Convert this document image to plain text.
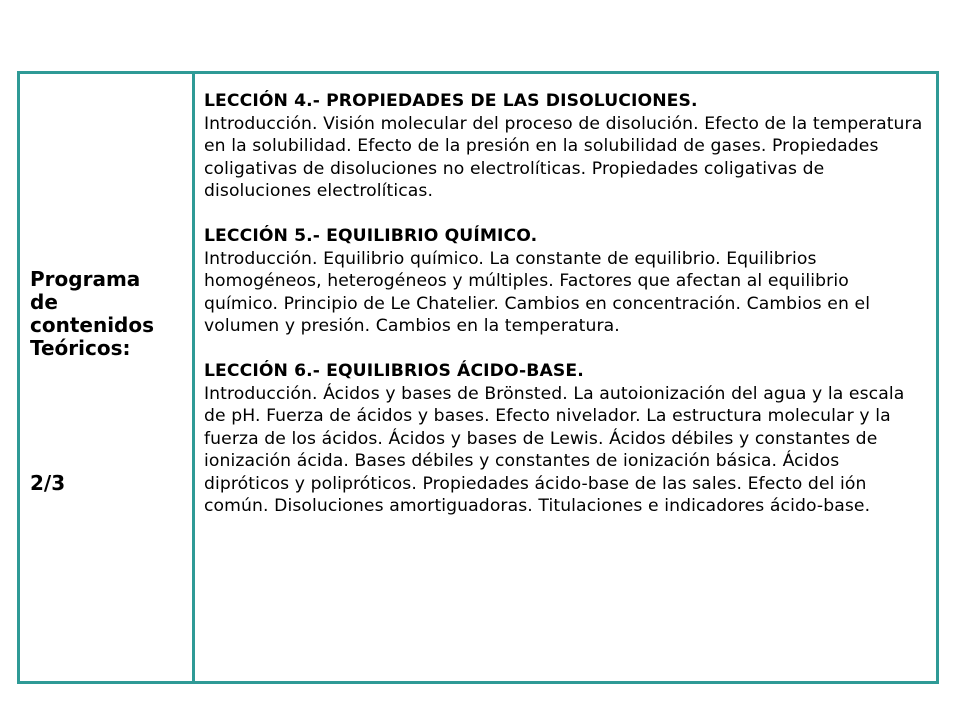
Programa
de
contenidos
Teóricos:
2/3
LECCIÓN 4.- PROPIEDADES DE LAS DISOLUCIONES.
Introducción. Visión molecular del proceso de disolución. Efecto de la temperatura en la solubilidad. Efecto de la presión en la solubilidad de gases. Propiedades coligativas de disoluciones no electrolíticas. Propiedades coligativas de disoluciones electrolíticas.
LECCIÓN 5.- EQUILIBRIO QUÍMICO.
Introducción. Equilibrio químico. La constante de equilibrio. Equilibrios homogéneos, heterogéneos y múltiples. Factores que afectan al equilibrio químico. Principio de Le Chatelier. Cambios en concentración. Cambios en el volumen y presión. Cambios en la temperatura.
LECCIÓN 6.- EQUILIBRIOS ÁCIDO-BASE.
Introducción. Ácidos y bases de Brönsted. La autoionización del agua y la escala de pH. Fuerza de ácidos y bases. Efecto nivelador. La estructura molecular y la fuerza de los ácidos. Ácidos y bases de Lewis. Ácidos débiles y constantes de ionización ácida. Bases débiles y constantes de ionización básica. Ácidos dipróticos y polipróticos. Propiedades ácido-base de las sales. Efecto del ión común. Disoluciones amortiguadoras. Titulaciones e indicadores ácido-base.
